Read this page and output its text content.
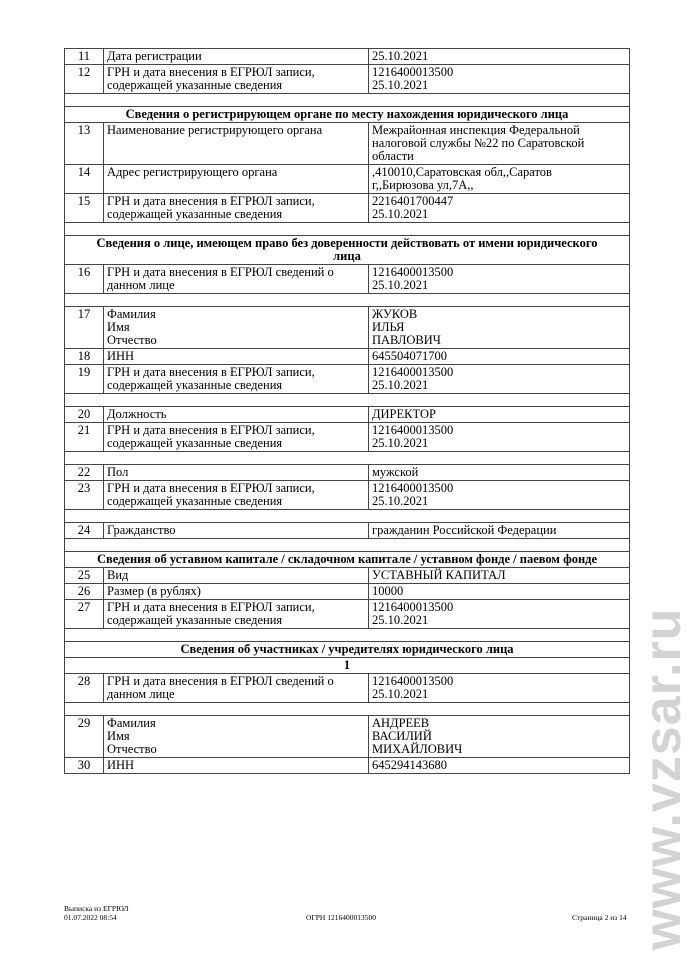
11	Дата регистрации	25.10.2021
12	ГРН и дата внесения в ЕГРЮЛ записи,
содержащей указанные сведения	1216400013500
25.10.2021

Сведения о регистрирующем органе по месту нахождения юридического лица		
13	Наименование регистрирующего органа	Межрайонная инспекция Федеральной
налоговой службы №22 по Саратовской
области

14	Адрес регистрирующего органа	,410010,Саратовская обл,,Саратов
г,,Бирюзова ул,7А,,

15	ГРН и дата внесения в ЕГРЮЛ записи,
содержащей указанные сведения	2216401700447
25.10.2021

Сведения о лице, имеющем право без доверенности действовать от имени юридического
лица		

16	ГРН и дата внесения в ЕГРЮЛ сведений о
данном лице	1216400013500
25.10.2021

17	Фамилия
Имя
Отчество	ЖУКОВ
ИЛЬЯ
ПАВЛОВИЧ

18	ИНН	645504071700
19	ГРН и дата внесения в ЕГРЮЛ записи,
содержащей указанные сведения	1216400013500
25.10.2021

20	Должность	ДИРЕКТОР
21	ГРН и дата внесения в ЕГРЮЛ записи,
содержащей указанные сведения	1216400013500
25.10.2021

22	Пол	мужской
23	ГРН и дата внесения в ЕГРЮЛ записи,
содержащей указанные сведения	1216400013500
25.10.2021

24	Гражданство	гражданин Российской Федерации

Сведения об уставном капитале / складочном капитале / уставном фонде / паевом фонде		
25	Вид	УСТАВНЫЙ КАПИТАЛ
26	Размер (в рублях)	10000
27	ГРН и дата внесения в ЕГРЮЛ записи,
содержащей указанные сведения	1216400013500
25.10.2021

Сведения об участниках / учредителях юридического лица		
1		
28	ГРН и дата внесения в ЕГРЮЛ сведений о
данном лице	1216400013500
25.10.2021

29	Фамилия
Имя
Отчество	АНДРЕЕВ
ВАСИЛИЙ
МИХАЙЛОВИЧ

30	ИНН	645294143680
Выписка из ЕГРЮЛ
01.07.2022 08:54	ОГРН 1216400013500	Страница 2 из 14 www.vzsar.ru
